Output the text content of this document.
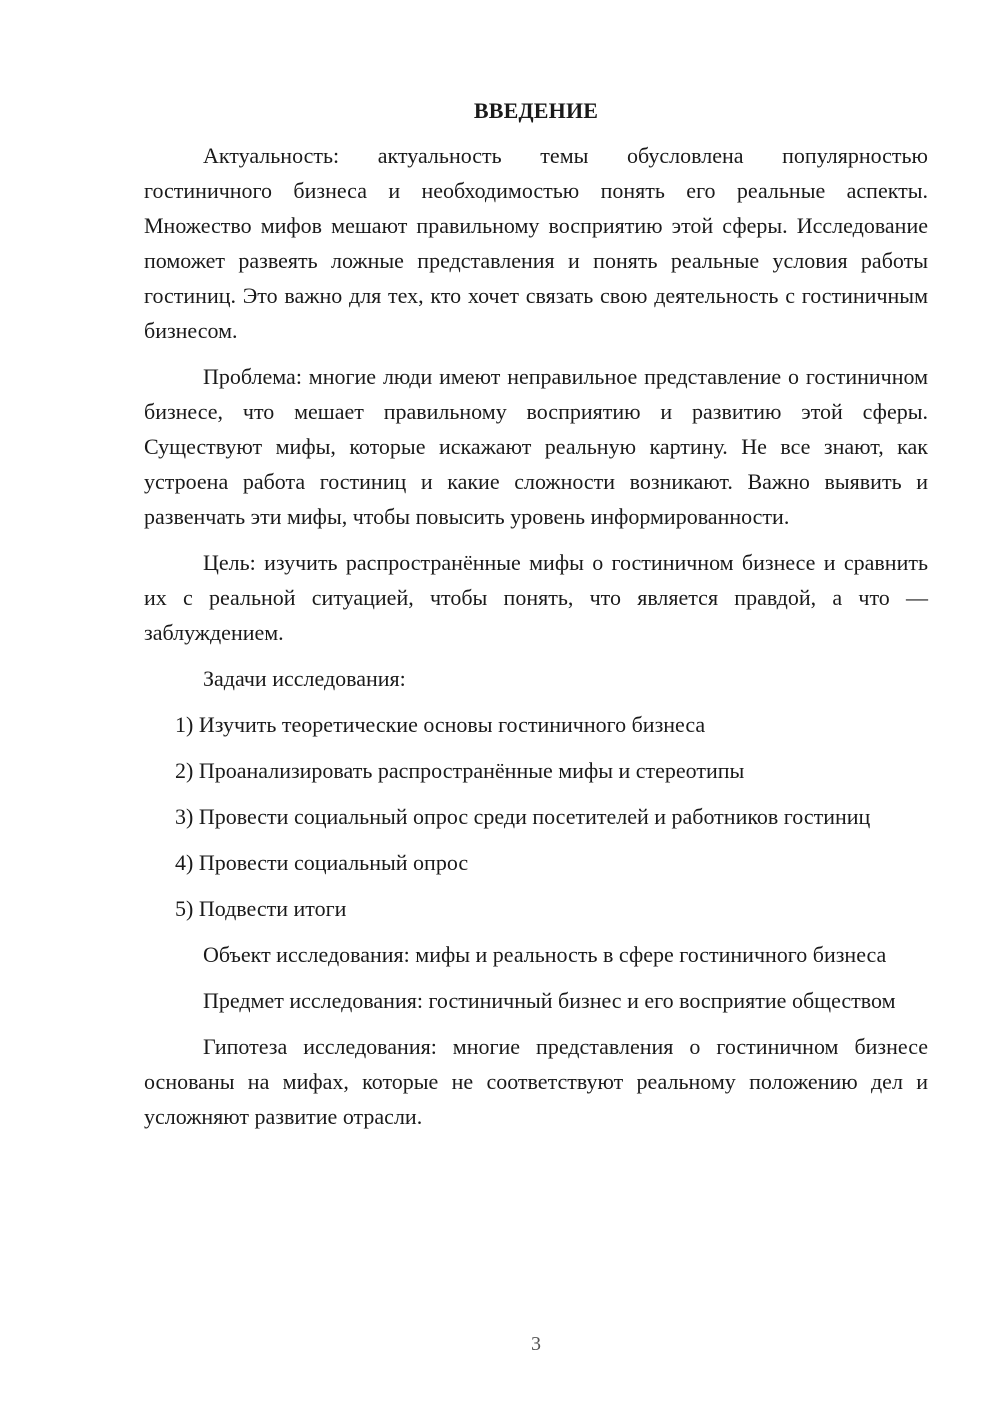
ВВЕДЕНИЕ

Актуальность: актуальность темы обусловлена популярностью гостиничного бизнеса и необходимостью понять его реальные аспекты. Множество мифов мешают правильному восприятию этой сферы. Исследование поможет развеять ложные представления и понять реальные условия работы гостиниц. Это важно для тех, кто хочет связать свою деятельность с гостиничным бизнесом.

Проблема: многие люди имеют неправильное представление о гостиничном бизнесе, что мешает правильному восприятию и развитию этой сферы. Существуют мифы, которые искажают реальную картину. Не все знают, как устроена работа гостиниц и какие сложности возникают. Важно выявить и развенчать эти мифы, чтобы повысить уровень информированности.

Цель: изучить распространённые мифы о гостиничном бизнесе и сравнить их с реальной ситуацией, чтобы понять, что является правдой, а что — заблуждением.

Задачи исследования:

1) Изучить теоретические основы гостиничного бизнеса

2) Проанализировать распространённые мифы и стереотипы

3) Провести социальный опрос среди посетителей и работников гостиниц

4) Провести социальный опрос

5) Подвести итоги

Объект исследования: мифы и реальность в сфере гостиничного бизнеса

Предмет исследования: гостиничный бизнес и его восприятие обществом

Гипотеза исследования: многие представления о гостиничном бизнесе основаны на мифах, которые не соответствуют реальному положению дел и усложняют развитие отрасли.

3
